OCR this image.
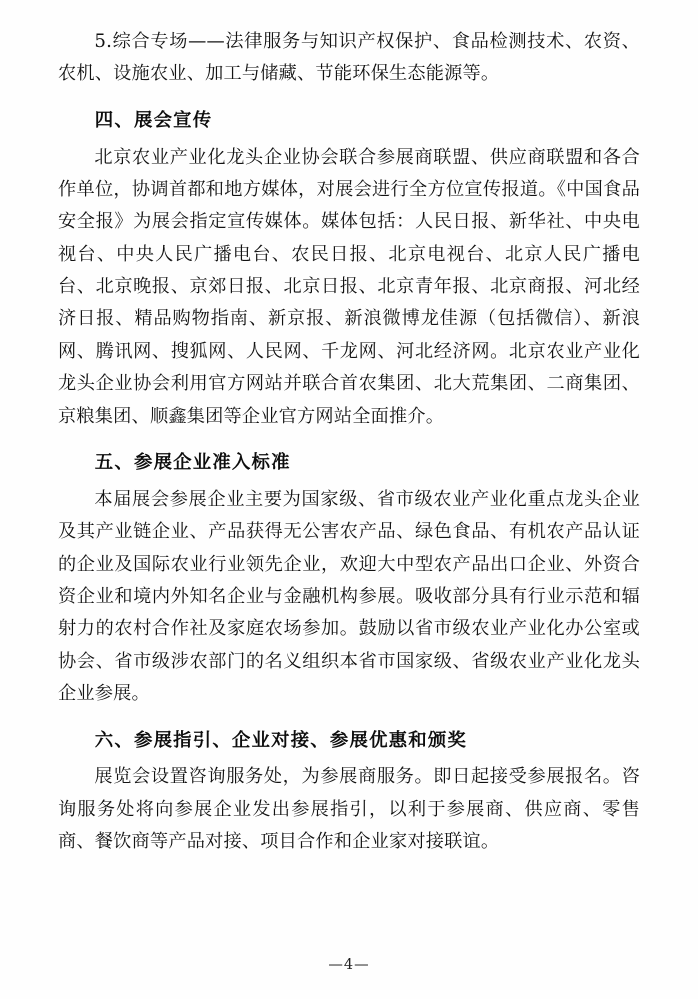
5.综合专场——法律服务与知识产权保护、食品检测技术、农资、农机、设施农业、加工与储藏、节能环保生态能源等。

四、展会宣传

北京农业产业化龙头企业协会联合参展商联盟、供应商联盟和各合作单位，协调首都和地方媒体，对展会进行全方位宣传报道。《中国食品安全报》为展会指定宣传媒体。媒体包括：人民日报、新华社、中央电视台、中央人民广播电台、农民日报、北京电视台、北京人民广播电台、北京晚报、京郊日报、北京日报、北京青年报、北京商报、河北经济日报、精品购物指南、新京报、新浪微博龙佳源（包括微信）、新浪网、腾讯网、搜狐网、人民网、千龙网、河北经济网。北京农业产业化龙头企业协会利用官方网站并联合首农集团、北大荒集团、二商集团、京粮集团、顺鑫集团等企业官方网站全面推介。

五、参展企业准入标准

本届展会参展企业主要为国家级、省市级农业产业化重点龙头企业及其产业链企业、产品获得无公害农产品、绿色食品、有机农产品认证的企业及国际农业行业领先企业，欢迎大中型农产品出口企业、外资合资企业和境内外知名企业与金融机构参展。吸收部分具有行业示范和辐射力的农村合作社及家庭农场参加。鼓励以省市级农业产业化办公室或协会、省市级涉农部门的名义组织本省市国家级、省级农业产业化龙头企业参展。

六、参展指引、企业对接、参展优惠和颁奖

展览会设置咨询服务处，为参展商服务。即日起接受参展报名。咨询服务处将向参展企业发出参展指引，以利于参展商、供应商、零售商、餐饮商等产品对接、项目合作和企业家对接联谊。

—4—
